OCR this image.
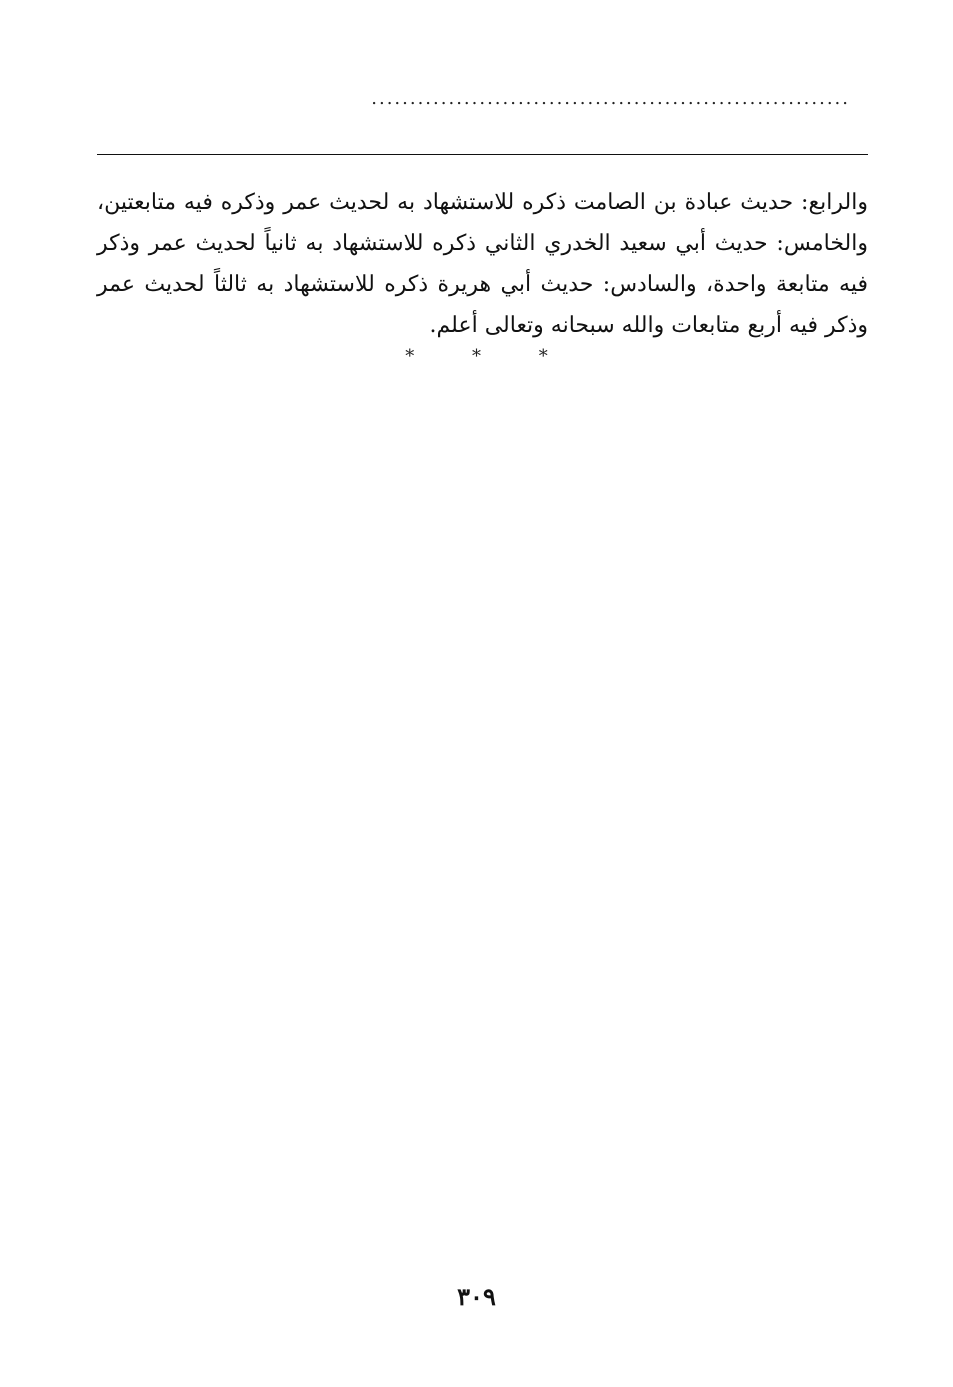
..............................................................

والرابع: حديث عبادة بن الصامت ذكره للاستشهاد به لحديث عمر وذكره فيه متابعتين، والخامس: حديث أبي سعيد الخدري الثاني ذكره للاستشهاد به ثانياً لحديث عمر وذكر فيه متابعة واحدة، والسادس: حديث أبي هريرة ذكره للاستشهاد به ثالثاً لحديث عمر وذكر فيه أربع متابعات والله سبحانه وتعالى أعلم.

* * *
٣٠٩
